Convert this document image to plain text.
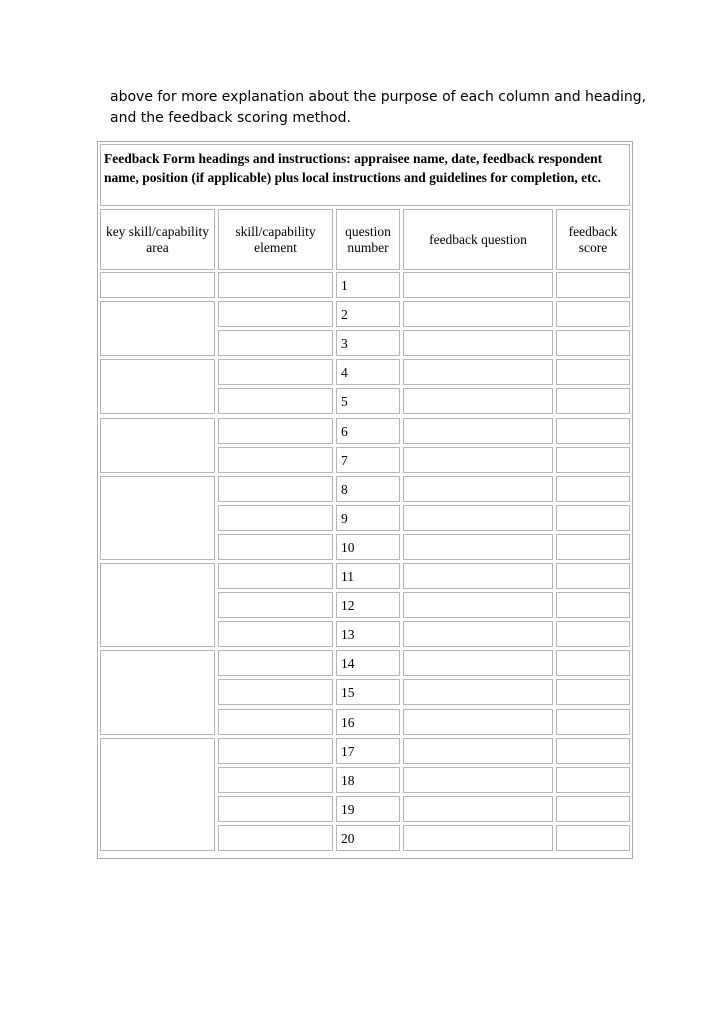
above for more explanation about the purpose of each column and heading,

and the feedback scoring method.

Feedback Form headings and instructions: appraisee name, date, feedback respondent name, position (if applicable) plus local instructions and guidelines for completion, etc.
key skill/capability area
skill/capability element
question number
feedback question
feedback score
1
2
3
4
5
6
7
8
9
10
11
12
13
14
15
16
17
18
19
20
